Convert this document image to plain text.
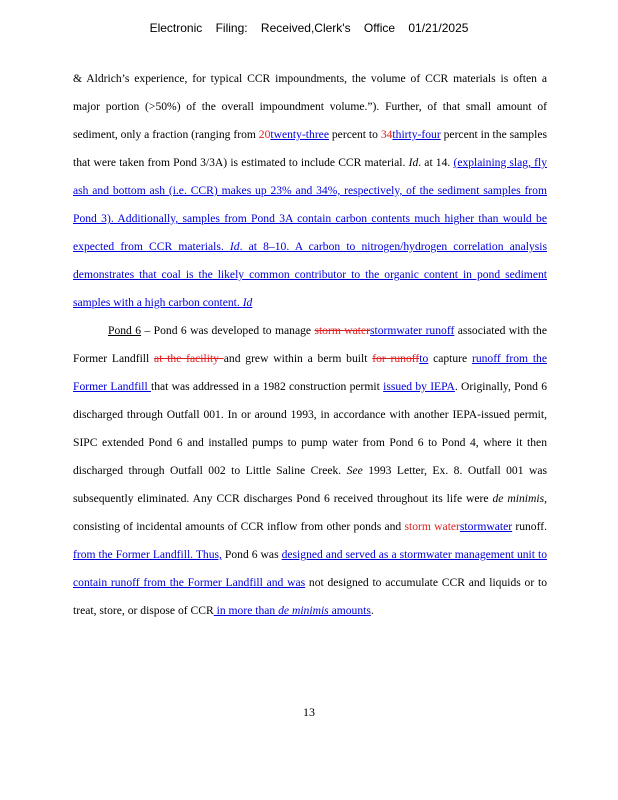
Electronic Filing: Received,Clerk's Office 01/21/2025

& Aldrich’s experience, for typical CCR impoundments, the volume of CCR materials is often a major portion (>50%) of the overall impoundment volume.”). Further, of that small amount of sediment, only a fraction (ranging from 20twenty-three percent to 34thirty-four percent in the samples that were taken from Pond 3/3A) is estimated to include CCR material. Id. at 14. (explaining slag, fly ash and bottom ash (i.e. CCR) makes up 23% and 34%, respectively, of the sediment samples from Pond 3). Additionally, samples from Pond 3A contain carbon contents much higher than would be expected from CCR materials. Id. at 8–10. A carbon to nitrogen/hydrogen correlation analysis demonstrates that coal is the likely common contributor to the organic content in pond sediment samples with a high carbon content. Id

Pond 6 – Pond 6 was developed to manage storm waterstormwater runoff associated with the Former Landfill at the facility and grew within a berm built for runoffto capture runoff from the Former Landfill that was addressed in a 1982 construction permit issued by IEPA. Originally, Pond 6 discharged through Outfall 001. In or around 1993, in accordance with another IEPA-issued permit, SIPC extended Pond 6 and installed pumps to pump water from Pond 6 to Pond 4, where it then discharged through Outfall 002 to Little Saline Creek. See 1993 Letter, Ex. 8. Outfall 001 was subsequently eliminated. Any CCR discharges Pond 6 received throughout its life were de minimis, consisting of incidental amounts of CCR inflow from other ponds and storm waterstormwater runoff. from the Former Landfill. Thus, Pond 6 was designed and served as a stormwater management unit to contain runoff from the Former Landfill and was not designed to accumulate CCR and liquids or to treat, store, or dispose of CCR in more than de minimis amounts.

13
